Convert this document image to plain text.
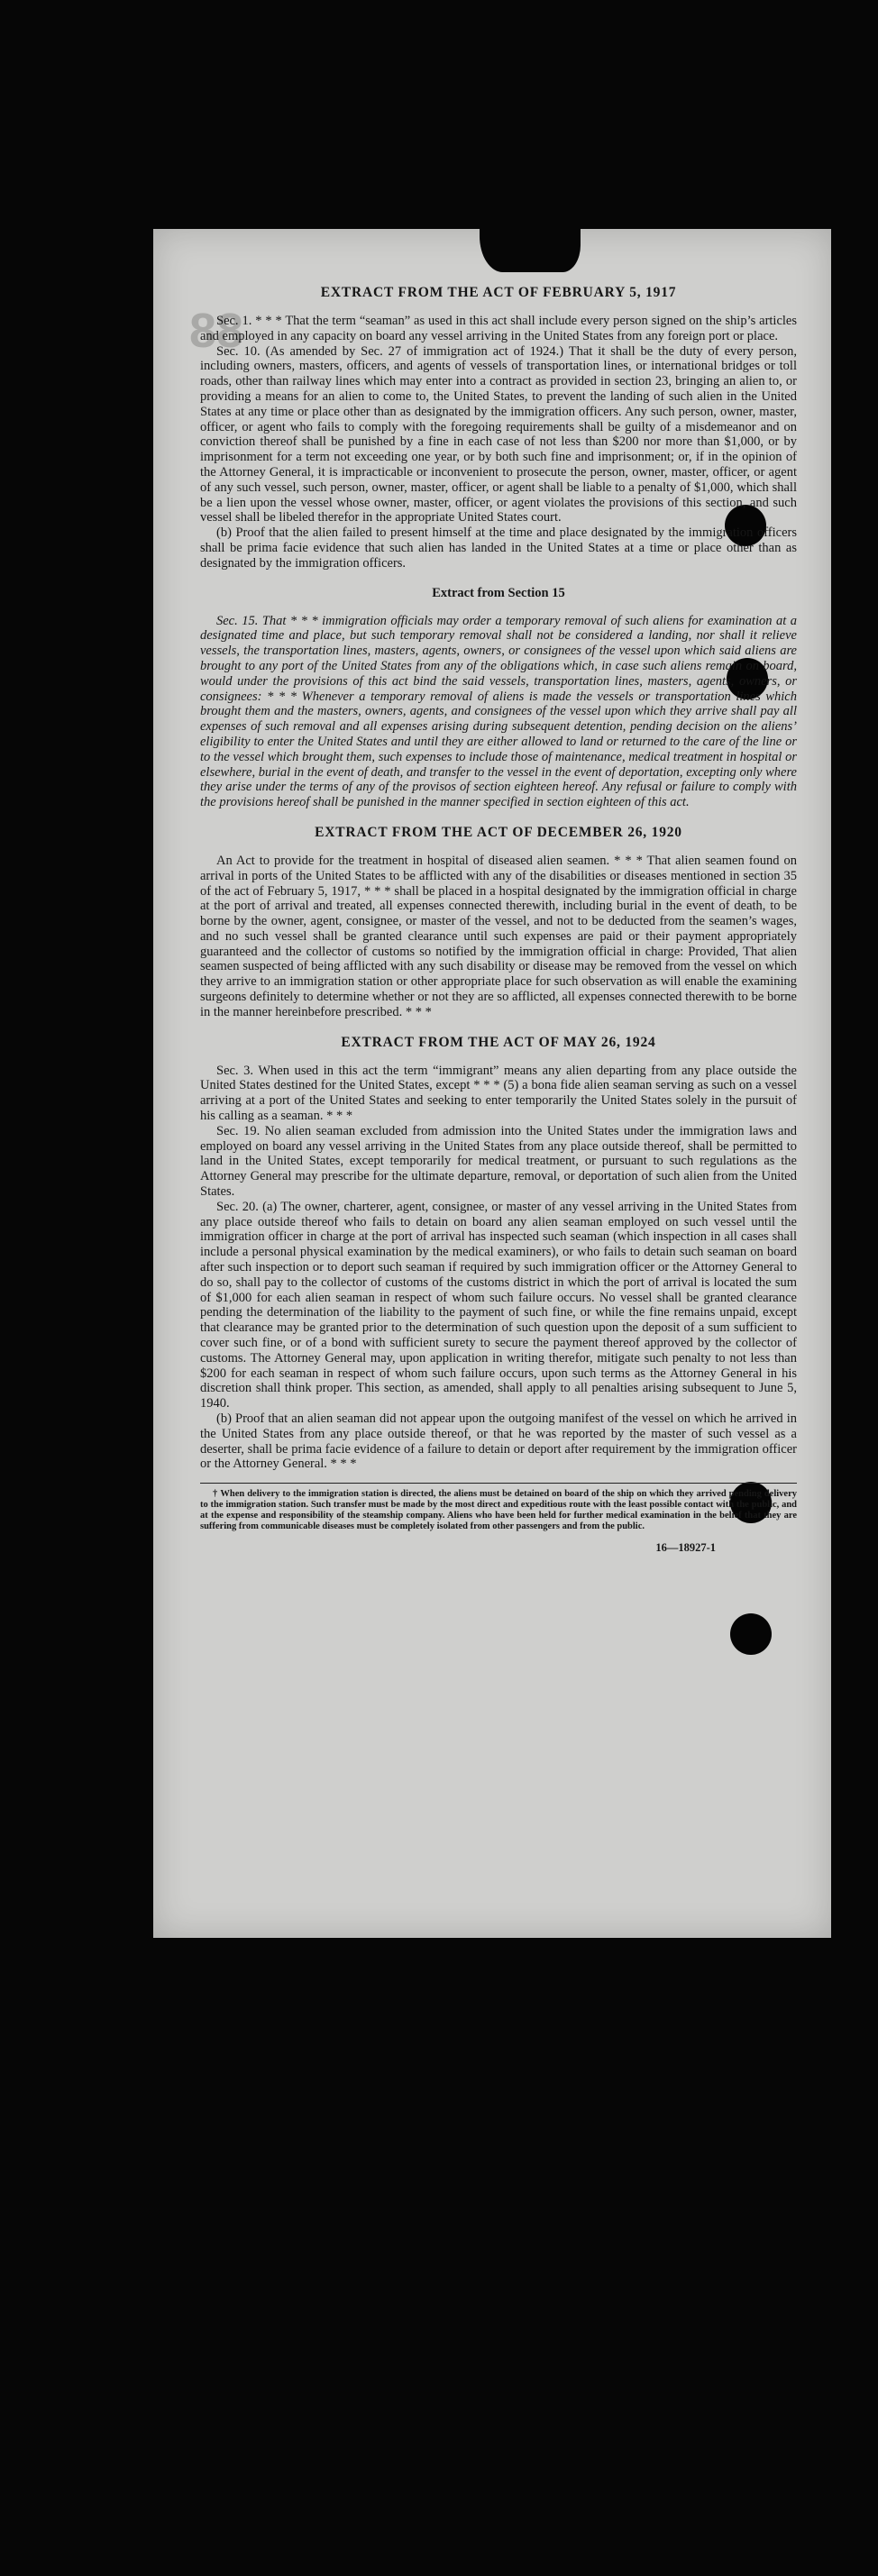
88
EXTRACT FROM THE ACT OF FEBRUARY 5, 1917

Sec. 1. * * * That the term “seaman” as used in this act shall include every person signed on the ship’s articles and employed in any capacity on board any vessel arriving in the United States from any foreign port or place.

Sec. 10. (As amended by Sec. 27 of immigration act of 1924.) That it shall be the duty of every person, including owners, masters, officers, and agents of vessels of transportation lines, or international bridges or toll roads, other than railway lines which may enter into a contract as provided in section 23, bringing an alien to, or providing a means for an alien to come to, the United States, to prevent the landing of such alien in the United States at any time or place other than as designated by the immigration officers. Any such person, owner, master, officer, or agent who fails to comply with the foregoing requirements shall be guilty of a misdemeanor and on conviction thereof shall be punished by a fine in each case of not less than $200 nor more than $1,000, or by imprisonment for a term not exceeding one year, or by both such fine and imprisonment; or, if in the opinion of the Attorney General, it is impracticable or inconvenient to prosecute the person, owner, master, officer, or agent of any such vessel, such person, owner, master, officer, or agent shall be liable to a penalty of $1,000, which shall be a lien upon the vessel whose owner, master, officer, or agent violates the provisions of this section, and such vessel shall be libeled therefor in the appropriate United States court.

(b) Proof that the alien failed to present himself at the time and place designated by the immigration officers shall be prima facie evidence that such alien has landed in the United States at a time or place other than as designated by the immigration officers.

Extract from Section 15

Sec. 15. That * * * immigration officials may order a temporary removal of such aliens for examination at a designated time and place, but such temporary removal shall not be considered a landing, nor shall it relieve vessels, the transportation lines, masters, agents, owners, or consignees of the vessel upon which said aliens are brought to any port of the United States from any of the obligations which, in case such aliens remain on board, would under the provisions of this act bind the said vessels, transportation lines, masters, agents, owners, or consignees: * * * Whenever a temporary removal of aliens is made the vessels or transportation lines which brought them and the masters, owners, agents, and consignees of the vessel upon which they arrive shall pay all expenses of such removal and all expenses arising during subsequent detention, pending decision on the aliens’ eligibility to enter the United States and until they are either allowed to land or returned to the care of the line or to the vessel which brought them, such expenses to include those of maintenance, medical treatment in hospital or elsewhere, burial in the event of death, and transfer to the vessel in the event of deportation, excepting only where they arise under the terms of any of the provisos of section eighteen hereof. Any refusal or failure to comply with the provisions hereof shall be punished in the manner specified in section eighteen of this act.

EXTRACT FROM THE ACT OF DECEMBER 26, 1920

An Act to provide for the treatment in hospital of diseased alien seamen. * * * That alien seamen found on arrival in ports of the United States to be afflicted with any of the disabilities or diseases mentioned in section 35 of the act of February 5, 1917, * * * shall be placed in a hospital designated by the immigration official in charge at the port of arrival and treated, all expenses connected therewith, including burial in the event of death, to be borne by the owner, agent, consignee, or master of the vessel, and not to be deducted from the seamen’s wages, and no such vessel shall be granted clearance until such expenses are paid or their payment appropriately guaranteed and the collector of customs so notified by the immigration official in charge: Provided, That alien seamen suspected of being afflicted with any such disability or disease may be removed from the vessel on which they arrive to an immigration station or other appropriate place for such observation as will enable the examining surgeons definitely to determine whether or not they are so afflicted, all expenses connected therewith to be borne in the manner hereinbefore prescribed. * * *

EXTRACT FROM THE ACT OF MAY 26, 1924

Sec. 3. When used in this act the term “immigrant” means any alien departing from any place outside the United States destined for the United States, except * * * (5) a bona fide alien seaman serving as such on a vessel arriving at a port of the United States and seeking to enter temporarily the United States solely in the pursuit of his calling as a seaman. * * *

Sec. 19. No alien seaman excluded from admission into the United States under the immigration laws and employed on board any vessel arriving in the United States from any place outside thereof, shall be permitted to land in the United States, except temporarily for medical treatment, or pursuant to such regulations as the Attorney General may prescribe for the ultimate departure, removal, or deportation of such alien from the United States.

Sec. 20. (a) The owner, charterer, agent, consignee, or master of any vessel arriving in the United States from any place outside thereof who fails to detain on board any alien seaman employed on such vessel until the immigration officer in charge at the port of arrival has inspected such seaman (which inspection in all cases shall include a personal physical examination by the medical examiners), or who fails to detain such seaman on board after such inspection or to deport such seaman if required by such immigration officer or the Attorney General to do so, shall pay to the collector of customs of the customs district in which the port of arrival is located the sum of $1,000 for each alien seaman in respect of whom such failure occurs. No vessel shall be granted clearance pending the determination of the liability to the payment of such fine, or while the fine remains unpaid, except that clearance may be granted prior to the determination of such question upon the deposit of a sum sufficient to cover such fine, or of a bond with sufficient surety to secure the payment thereof approved by the collector of customs. The Attorney General may, upon application in writing therefor, mitigate such penalty to not less than $200 for each seaman in respect of whom such failure occurs, upon such terms as the Attorney General in his discretion shall think proper. This section, as amended, shall apply to all penalties arising subsequent to June 5, 1940.

(b) Proof that an alien seaman did not appear upon the outgoing manifest of the vessel on which he arrived in the United States from any place outside thereof, or that he was reported by the master of such vessel as a deserter, shall be prima facie evidence of a failure to detain or deport after requirement by the immigration officer or the Attorney General. * * *

† When delivery to the immigration station is directed, the aliens must be detained on board of the ship on which they arrived pending delivery to the immigration station. Such transfer must be made by the most direct and expeditious route with the least possible contact with the public, and at the expense and responsibility of the steamship company. Aliens who have been held for further medical examination in the belief that they are suffering from communicable diseases must be completely isolated from other passengers and from the public.

16—18927-1
